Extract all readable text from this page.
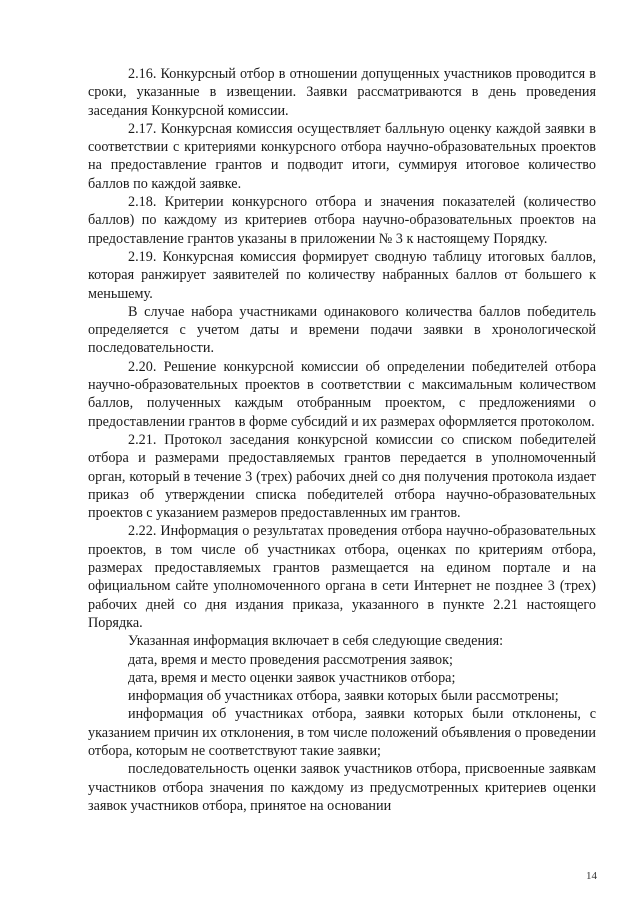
2.16. Конкурсный отбор в отношении допущенных участников проводится в сроки, указанные в извещении. Заявки рассматриваются в день проведения заседания Конкурсной комиссии.

2.17. Конкурсная комиссия осуществляет балльную оценку каждой заявки в соответствии с критериями конкурсного отбора научно-образовательных проектов на предоставление грантов и подводит итоги, суммируя итоговое количество баллов по каждой заявке.

2.18. Критерии конкурсного отбора и значения показателей (количество баллов) по каждому из критериев отбора научно-образовательных проектов на предоставление грантов указаны в приложении № 3 к настоящему Порядку.

2.19. Конкурсная комиссия формирует сводную таблицу итоговых баллов, которая ранжирует заявителей по количеству набранных баллов от большего к меньшему.

В случае набора участниками одинакового количества баллов победитель определяется с учетом даты и времени подачи заявки в хронологической последовательности.

2.20. Решение конкурсной комиссии об определении победителей отбора научно-образовательных проектов в соответствии с максимальным количеством баллов, полученных каждым отобранным проектом, с предложениями о предоставлении грантов в форме субсидий и их размерах оформляется протоколом.

2.21. Протокол заседания конкурсной комиссии со списком победителей отбора и размерами предоставляемых грантов передается в уполномоченный орган, который в течение 3 (трех) рабочих дней со дня получения протокола издает приказ об утверждении списка победителей отбора научно-образовательных проектов с указанием размеров предоставленных им грантов.

2.22. Информация о результатах проведения отбора научно-образовательных проектов, в том числе об участниках отбора, оценках по критериям отбора, размерах предоставляемых грантов размещается на едином портале и на официальном сайте уполномоченного органа в сети Интернет не позднее 3 (трех) рабочих дней со дня издания приказа, указанного в пункте 2.21 настоящего Порядка.

Указанная информация включает в себя следующие сведения:

дата, время и место проведения рассмотрения заявок;

дата, время и место оценки заявок участников отбора;

информация об участниках отбора, заявки которых были рассмотрены;

информация об участниках отбора, заявки которых были отклонены, с указанием причин их отклонения, в том числе положений объявления о проведении отбора, которым не соответствуют такие заявки;

последовательность оценки заявок участников отбора, присвоенные заявкам участников отбора значения по каждому из предусмотренных критериев оценки заявок участников отбора, принятое на основании

14
